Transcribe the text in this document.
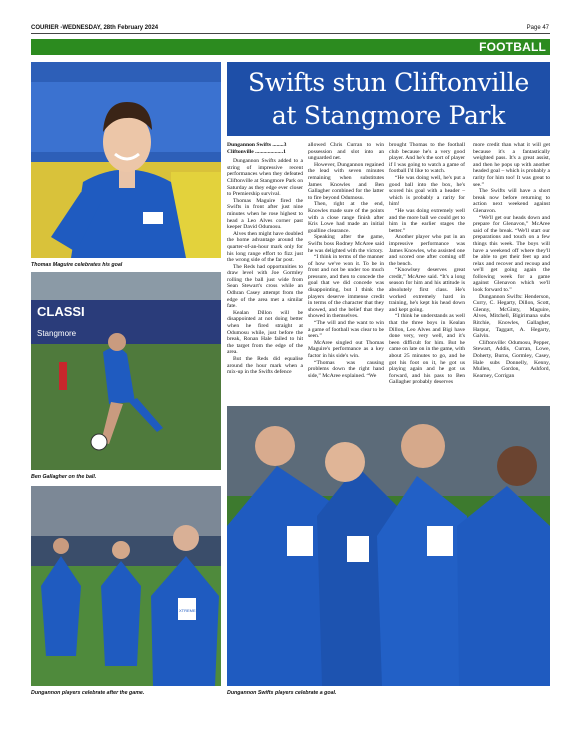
COURIER -WEDNESDAY, 28th February 2024	Page 47
FOOTBALL
Swifts stun Cliftonville
at Stangmore Park
Thomas Maguire celebrates his goal
CLASSI
Stangmore
Ben Gallagher on the ball.
XTREME
Dungannon players celebrate after the game.	Dungannon Swifts players celebrate a goal.

Dungannon Swifts ........3

Cliftonville ....................1

Dungannon Swifts added to a string of impressive recent performances when they defeated Cliftonville at Stangmore Park on Saturday as they edge ever closer to Premiership survival.

Thomas Maguire fired the Swifts in front after just nine minutes when he rose highest to head a Leo Alves corner past keeper David Odumosu.

Alves then might have doubled the home advantage around the quarter-of-an-hour mark only for his long range effort to fizz just the wrong side of the far post.

The Reds had opportunities to draw level with Joe Gormley rolling the ball just wide from Sean Stewart's cross while an Odhran Casey attempt from the edge of the area met a similar fate.

Kealan Dillon will be disappointed at not doing better when he fired straight at Odumosu while, just before the break, Ronan Hale failed to hit the target from the edge of the area.

But the Reds did equalise around the hour mark when a mix-up in the Swifts defence

allowed Chris Curran to win possession and slot into an unguarded net.

However, Dungannon regained the lead with seven minutes remaining when substitutes James Knowles and Ben Gallagher combined for the latter to fire beyond Odumosu.

Then, right at the end, Knowles made sure of the points with a close range finish after Kris Lowe had made an initial goalline clearance.

Speaking after the game, Swifts boss Rodney McAree said he was delighted with the victory.

“I think in terms of the manner of how we've won it. To be in front and not be under too much pressure, and then to concede the goal that we did concede was disappointing, but I think the players deserve immense credit in terms of the character that they showed, and the belief that they showed in themselves.

“The will and the want to win a game of football was clear to be seen.”

McAree singled out Thomas Maguire's performance as a key factor in his side's win.

“Thomas was causing problems down the right hand side,” McAree explained. “We

brought Thomas to the football club because he's a very good player. And he's the sort of player if I was going to watch a game of football I'd like to watch.

“He was doing well, he's put a good ball into the box, he's scored his goal with a header – which is probably a rarity for him!

“He was doing extremely well and the more ball we could get to him in the earlier stages the better.”

Another player who put in an impressive performance was James Knowles, who assisted one and scored one after coming off the bench.

“Knowlsey deserves great credit,” McAree said. “It's a long season for him and his attitude is absolutely first class. He's worked extremely hard in training, he's kept his head down and kept going.

“I think he understands as well that the three boys in Kealan Dillon, Leo Alves and Bigi have done very, very well, and it's been difficult for him. But he came on late on in the game, with about 25 minutes to go, and he got his foot on it, he got us playing again and he got us forward, and his pass to Ben Gallagher probably deserves

more credit than what it will get because it's a fantastically weighted pass. It's a great assist, and then he pops up with another headed goal – which is probably a rarity for him too! It was great to see.”

The Swifts will have a short break now before returning to action next weekend against Glenavon.

“We'll get our heads down and prepare for Glenavon,” McAree said of the break. “We'll start our preparations and touch on a few things this week. The boys will have a weekend off where they'll be able to get their feet up and relax and recover and recoup and we'll get going again the following week for a game against Glenavon which we'll look forward to.”

Dungannon Swifts: Henderson, Curry, C. Hegarty, Dillon, Scott, Glenny, McGinty, Maguire, Alves, Mitchell, Bigirimana subs Ritchie, Knowles, Gallagher, Harpur, Taggart, A. Hegarty, Galvin.

Cliftonville: Odumosu, Pepper, Stewart, Addis, Curran, Lowe, Doherty, Burns, Gormley, Casey, Hale subs Donnelly, Kenny, Mullen, Gordon, Ashford, Kearney, Corrigan
